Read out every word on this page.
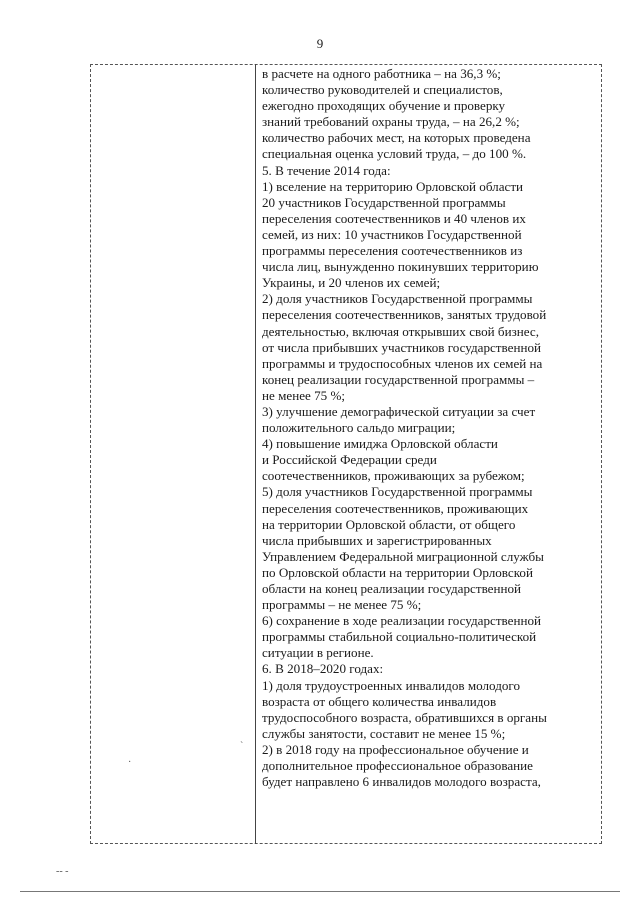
9
`
·
-- -
в расчете на одного работника – на 36,3 %;
количество руководителей и специалистов,
ежегодно проходящих обучение и проверку
знаний требований охраны труда, – на 26,2 %;
количество рабочих мест, на которых проведена
специальная оценка условий труда, – до 100 %.
5. В течение 2014 года:
1) вселение на территорию Орловской области
20 участников Государственной программы
переселения соотечественников и 40 членов их
семей, из них: 10 участников Государственной
программы переселения соотечественников из
числа лиц, вынужденно покинувших территорию
Украины, и 20 членов их семей;
2) доля участников Государственной программы
переселения соотечественников, занятых трудовой
деятельностью, включая открывших свой бизнес,
от числа прибывших участников государственной
программы и трудоспособных членов их семей на
конец реализации государственной программы –
не менее 75 %;
3) улучшение демографической ситуации за счет
положительного сальдо миграции;
4) повышение имиджа Орловской области
и Российской Федерации среди
соотечественников, проживающих за рубежом;
5) доля участников Государственной программы
переселения соотечественников, проживающих
на территории Орловской области, от общего
числа прибывших и зарегистрированных
Управлением Федеральной миграционной службы
по Орловской области на территории Орловской
области на конец реализации государственной
программы – не менее 75 %;
6) сохранение в ходе реализации государственной
программы стабильной социально-политической
ситуации в регионе.
6. В 2018–2020 годах:
1) доля трудоустроенных инвалидов молодого
возраста от общего количества инвалидов
трудоспособного возраста, обратившихся в органы
службы занятости, составит не менее 15 %;
2) в 2018 году на профессиональное обучение и
дополнительное профессиональное образование
будет направлено 6 инвалидов молодого возраста,
